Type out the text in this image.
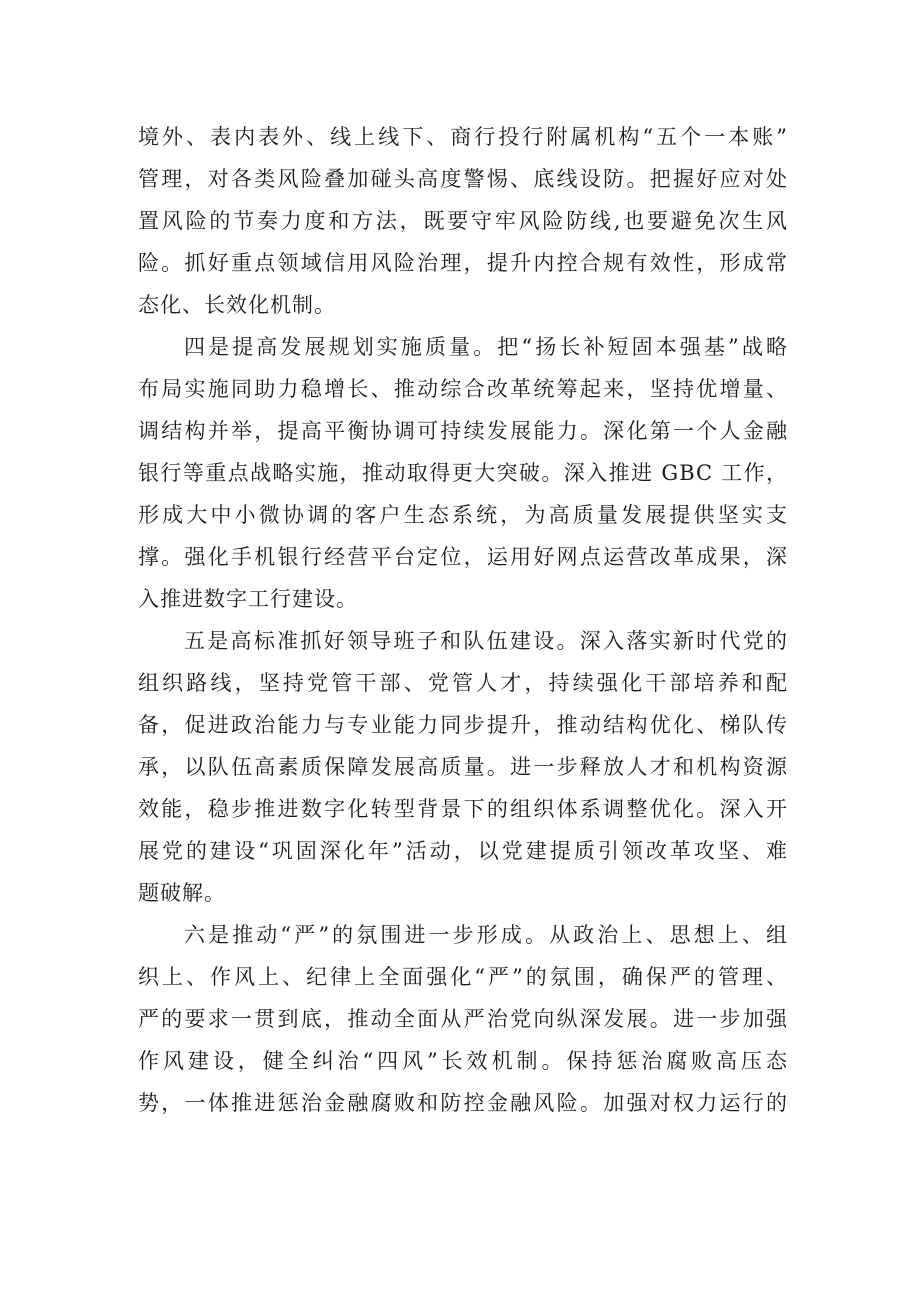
境外、表内表外、线上线下、商行投行附属机构“五个一本账”
管理，对各类风险叠加碰头高度警惕、底线设防。把握好应对处
置风险的节奏力度和方法，既要守牢风险防线,也要避免次生风
险。抓好重点领域信用风险治理，提升内控合规有效性，形成常
态化、长效化机制。

四是提高发展规划实施质量。把“扬长补短固本强基”战略
布局实施同助力稳增长、推动综合改革统筹起来，坚持优增量、
调结构并举，提高平衡协调可持续发展能力。深化第一个人金融
银行等重点战略实施，推动取得更大突破。深入推进 GBC 工作，
形成大中小微协调的客户生态系统，为高质量发展提供坚实支
撑。强化手机银行经营平台定位，运用好网点运营改革成果，深
入推进数字工行建设。

五是高标准抓好领导班子和队伍建设。深入落实新时代党的
组织路线，坚持党管干部、党管人才，持续强化干部培养和配
备，促进政治能力与专业能力同步提升，推动结构优化、梯队传
承，以队伍高素质保障发展高质量。进一步释放人才和机构资源
效能，稳步推进数字化转型背景下的组织体系调整优化。深入开
展党的建设“巩固深化年”活动，以党建提质引领改革攻坚、难
题破解。

六是推动“严”的氛围进一步形成。从政治上、思想上、组
织上、作风上、纪律上全面强化“严”的氛围，确保严的管理、
严的要求一贯到底，推动全面从严治党向纵深发展。进一步加强
作风建设，健全纠治“四风”长效机制。保持惩治腐败高压态
势，一体推进惩治金融腐败和防控金融风险。加强对权力运行的
